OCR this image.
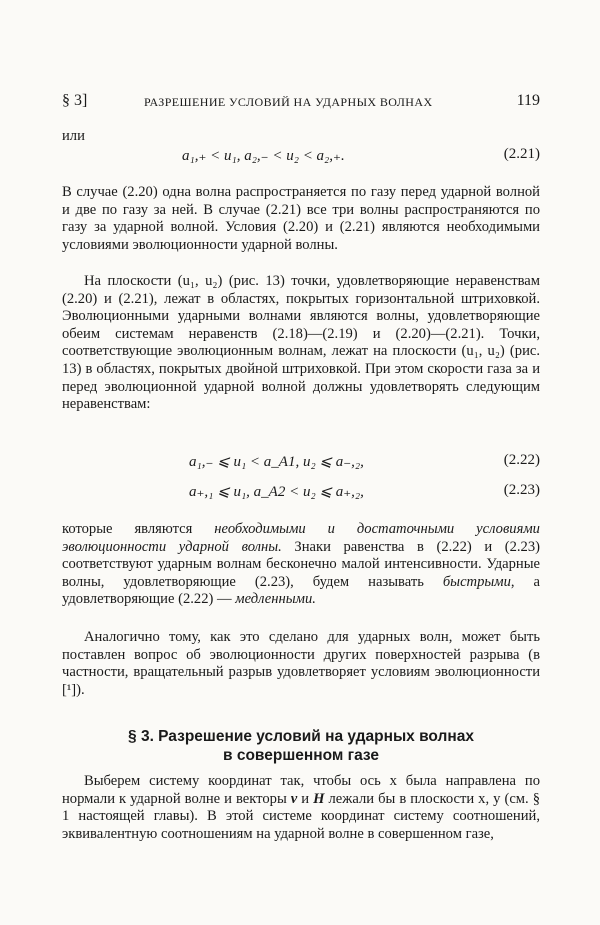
§ 3]	РАЗРЕШЕНИЕ УСЛОВИЙ НА УДАРНЫХ ВОЛНАХ	119
или
a₁,₊ < u₁, a₂,₋ < u₂ < a₂,₊.	(2.21)
В случае (2.20) одна волна распространяется по газу перед ударной волной и две по газу за ней. В случае (2.21) все три волны распространяются по газу за ударной волной. Условия (2.20) и (2.21) являются необходимыми условиями эволюционности ударной волны.
На плоскости (u₁, u₂) (рис. 13) точки, удовлетворяющие неравенствам (2.20) и (2.21), лежат в областях, покрытых горизонтальной штриховкой. Эволюционными ударными волнами являются волны, удовлетворяющие обеим системам неравенств (2.18)—(2.19) и (2.20)—(2.21). Точки, соответствующие эволюционным волнам, лежат на плоскости (u₁, u₂) (рис. 13) в областях, покрытых двойной штриховкой. При этом скорости газа за и перед эволюционной ударной волной должны удовлетворять следующим неравенствам:
a₁,₋ ⩽ u₁ < a_A1, u₂ ⩽ a₋,₂,	(2.22)
a₊,₁ ⩽ u₁, a_A2 < u₂ ⩽ a₊,₂,	(2.23)
которые являются необходимыми и достаточными условиями эволюционности ударной волны. Знаки равенства в (2.22) и (2.23) соответствуют ударным волнам бесконечно малой интенсивности. Ударные волны, удовлетворяющие (2.23), будем называть быстрыми, а удовлетворяющие (2.22) — медленными.
Аналогично тому, как это сделано для ударных волн, может быть поставлен вопрос об эволюционности других поверхностей разрыва (в частности, вращательный разрыв удовлетворяет условиям эволюционности [¹]).
§ 3. Разрешение условий на ударных волнах
в совершенном газе
Выберем систему координат так, чтобы ось x была направлена по нормали к ударной волне и векторы v и H лежали бы в плоскости x, y (см. § 1 настоящей главы). В этой системе координат систему соотношений, эквивалентную соотношениям на ударной волне в совершенном газе,
